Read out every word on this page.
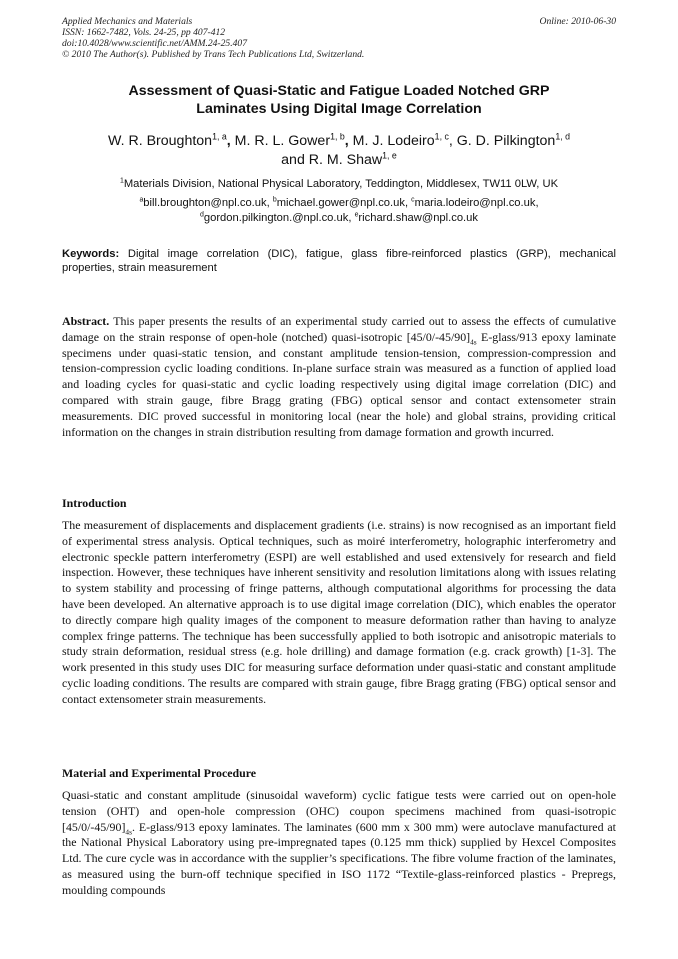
Applied Mechanics and Materials
ISSN: 1662-7482, Vols. 24-25, pp 407-412
doi:10.4028/www.scientific.net/AMM.24-25.407
© 2010 The Author(s). Published by Trans Tech Publications Ltd, Switzerland.
Online: 2010-06-30
Assessment of Quasi-Static and Fatigue Loaded Notched GRP
Laminates Using Digital Image Correlation
W. R. Broughton$^{1, a}$, M. R. L. Gower$^{1, b}$, M. J. Lodeiro$^{1, c}$, G. D. Pilkington$^{1, d}$
and R. M. Shaw$^{1, e}$
$^1$Materials Division, National Physical Laboratory, Teddington, Middlesex, TW11 0LW, UK
$^a$bill.broughton@npl.co.uk, $^b$michael.gower@npl.co.uk, $^c$maria.lodeiro@npl.co.uk,
$^d$gordon.pilkington.@npl.co.uk, $^e$richard.shaw@npl.co.uk
Keywords: Digital image correlation (DIC), fatigue, glass fibre-reinforced plastics (GRP), mechanical properties, strain measurement
Abstract. This paper presents the results of an experimental study carried out to assess the effects of cumulative damage on the strain response of open-hole (notched) quasi-isotropic $[45/0/-45/90]_{4s}$ E-glass/913 epoxy laminate specimens under quasi-static tension, and constant amplitude tension-tension, compression-compression and tension-compression cyclic loading conditions. In-plane surface strain was measured as a function of applied load and loading cycles for quasi-static and cyclic loading respectively using digital image correlation (DIC) and compared with strain gauge, fibre Bragg grating (FBG) optical sensor and contact extensometer strain measurements. DIC proved successful in monitoring local (near the hole) and global strains, providing critical information on the changes in strain distribution resulting from damage formation and growth incurred.
Introduction
The measurement of displacements and displacement gradients (i.e. strains) is now recognised as an important field of experimental stress analysis. Optical techniques, such as moiré interferometry, holographic interferometry and electronic speckle pattern interferometry (ESPI) are well established and used extensively for research and field inspection. However, these techniques have inherent sensitivity and resolution limitations along with issues relating to system stability and processing of fringe patterns, although computational algorithms for processing the data have been developed. An alternative approach is to use digital image correlation (DIC), which enables the operator to directly compare high quality images of the component to measure deformation rather than having to analyze complex fringe patterns. The technique has been successfully applied to both isotropic and anisotropic materials to study strain deformation, residual stress (e.g. hole drilling) and damage formation (e.g. crack growth) [1-3]. The work presented in this study uses DIC for measuring surface deformation under quasi-static and constant amplitude cyclic loading conditions. The results are compared with strain gauge, fibre Bragg grating (FBG) optical sensor and contact extensometer strain measurements.
Material and Experimental Procedure
Quasi-static and constant amplitude (sinusoidal waveform) cyclic fatigue tests were carried out on open-hole tension (OHT) and open-hole compression (OHC) coupon specimens machined from quasi-isotropic $[45/0/-45/90]_{4s}$. E-glass/913 epoxy laminates. The laminates (600 mm x 300 mm) were autoclave manufactured at the National Physical Laboratory using pre-impregnated tapes (0.125 mm thick) supplied by Hexcel Composites Ltd. The cure cycle was in accordance with the supplier’s specifications. The fibre volume fraction of the laminates, as measured using the burn-off technique specified in ISO 1172 “Textile-glass-reinforced plastics - Prepregs, moulding compounds
